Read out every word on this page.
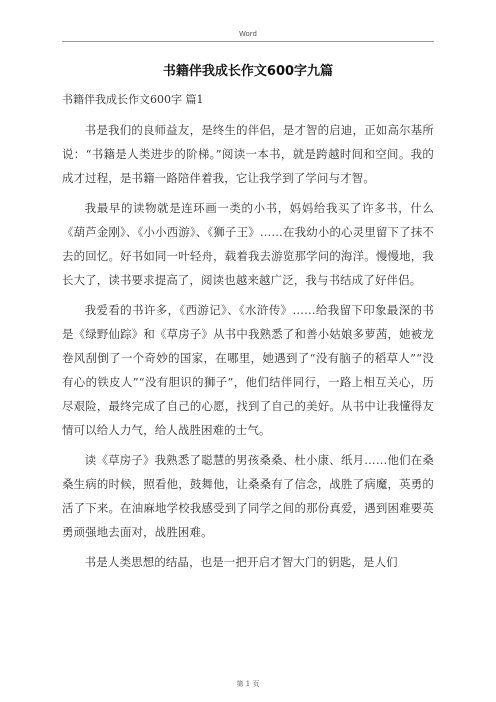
Word
书籍伴我成长作文600字九篇
书籍伴我成长作文600字 篇1

书是我们的良师益友，是终生的伴侣，是才智的启迪，正如高尔基所说：“书籍是人类进步的阶梯。”阅读一本书，就是跨越时间和空间。我的成才过程，是书籍一路陪伴着我，它让我学到了学问与才智。

我最早的读物就是连环画一类的小书，妈妈给我买了许多书，什么《葫芦金刚》、《小小西游》、《狮子王》……在我幼小的心灵里留下了抹不去的回忆。好书如同一叶轻舟，载着我去游览那学问的海洋。慢慢地，我长大了，读书要求提高了，阅读也越来越广泛，我与书结成了好伴侣。

我爱看的书许多，《西游记》、《水浒传》……给我留下印象最深的书是《绿野仙踪》和《草房子》从书中我熟悉了和善小姑娘多萝茜，她被龙卷风刮倒了一个奇妙的国家，在哪里，她遇到了“没有脑子的稻草人”“没有心的铁皮人”“没有胆识的狮子”，他们结伴同行，一路上相互关心，历尽艰险，最终完成了自己的心愿，找到了自己的美好。从书中让我懂得友情可以给人力气，给人战胜困难的士气。

读《草房子》我熟悉了聪慧的男孩桑桑、杜小康、纸月……他们在桑桑生病的时候，照看他，鼓舞他，让桑桑有了信念，战胜了病魔，英勇的活了下来。在油麻地学校我感受到了同学之间的那份真爱，遇到困难要英勇顽强地去面对，战胜困难。

书是人类思想的结晶，也是一把开启才智大门的钥匙，是人们

第 1 页
